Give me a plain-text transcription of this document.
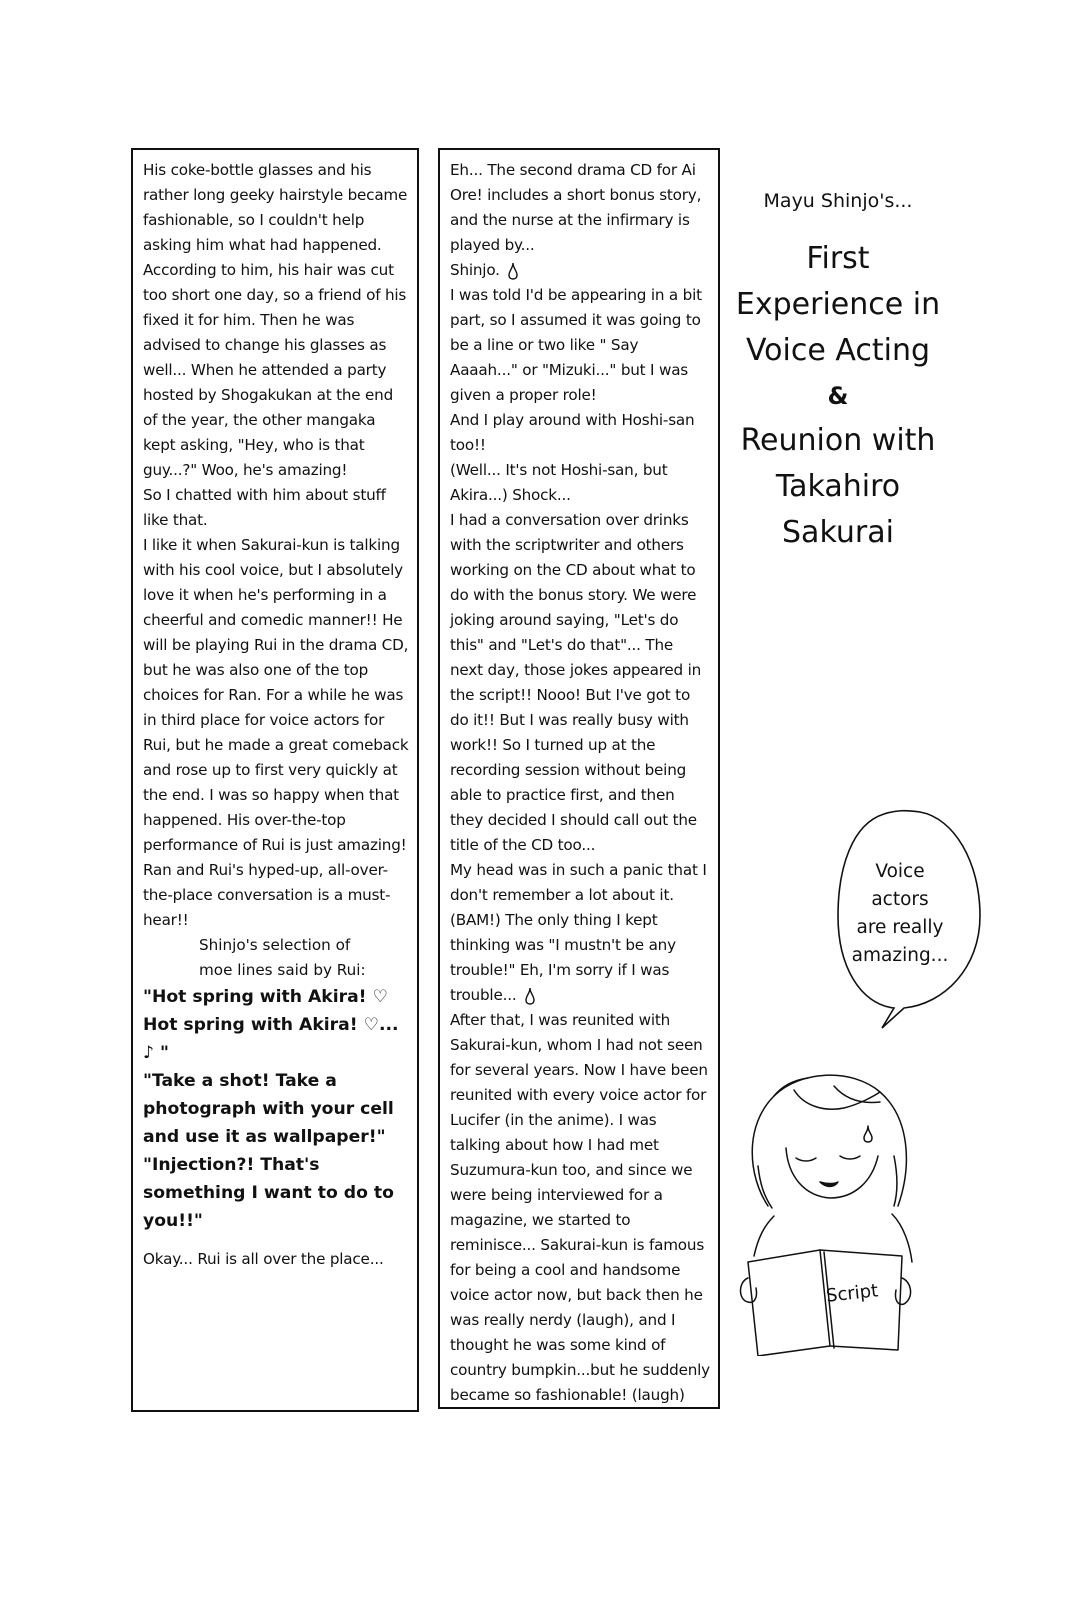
His coke-bottle glasses and his rather long geeky hairstyle became fashionable, so I couldn't help asking him what had happened. According to him, his hair was cut too short one day, so a friend of his fixed it for him. Then he was advised to change his glasses as well... When he attended a party hosted by Shogakukan at the end of the year, the other mangaka kept asking, "Hey, who is that guy...?" Woo, he's amazing!

So I chatted with him about stuff like that.

I like it when Sakurai-kun is talking with his cool voice, but I absolutely love it when he's performing in a cheerful and comedic manner!! He will be playing Rui in the drama CD, but he was also one of the top choices for Ran. For a while he was in third place for voice actors for Rui, but he made a great comeback and rose up to first very quickly at the end. I was so happy when that happened. His over-the-top performance of Rui is just amazing! Ran and Rui's hyped-up, all-over-the-place conversation is a must-hear!!

Shinjo's selection of

moe lines said by Rui:

"Hot spring with Akira! ♡
Hot spring with Akira! ♡...♪ "

"Take a shot! Take a photograph with your cell and use it as wallpaper!"

"Injection?! That's something I want to do to you!!"

Okay... Rui is all over the place...

Eh... The second drama CD for Ai Ore! includes a short bonus story, and the nurse at the infirmary is played by...

Shinjo.

I was told I'd be appearing in a bit part, so I assumed it was going to be a line or two like " Say Aaaah..." or "Mizuki..." but I was given a proper role!

And I play around with Hoshi-san too!!

(Well... It's not Hoshi-san, but Akira...) Shock...

I had a conversation over drinks with the scriptwriter and others working on the CD about what to do with the bonus story. We were joking around saying, "Let's do this" and "Let's do that"... The next day, those jokes appeared in the script!! Nooo! But I've got to do it!! But I was really busy with work!! So I turned up at the recording session without being able to practice first, and then they decided I should call out the title of the CD too...

My head was in such a panic that I don't remember a lot about it. (BAM!) The only thing I kept thinking was "I mustn't be any trouble!" Eh, I'm sorry if I was trouble...

After that, I was reunited with Sakurai-kun, whom I had not seen for several years. Now I have been reunited with every voice actor for Lucifer (in the anime). I was talking about how I had met Suzumura-kun too, and since we were being interviewed for a magazine, we started to reminisce... Sakurai-kun is famous for being a cool and handsome voice actor now, but back then he was really nerdy (laugh), and I thought he was some kind of country bumpkin...but he suddenly became so fashionable! (laugh)

Mayu Shinjo's...
First
Experience in
Voice Acting
&
Reunion with
Takahiro
Sakurai
Voice
actors
are really
amazing...
Script
